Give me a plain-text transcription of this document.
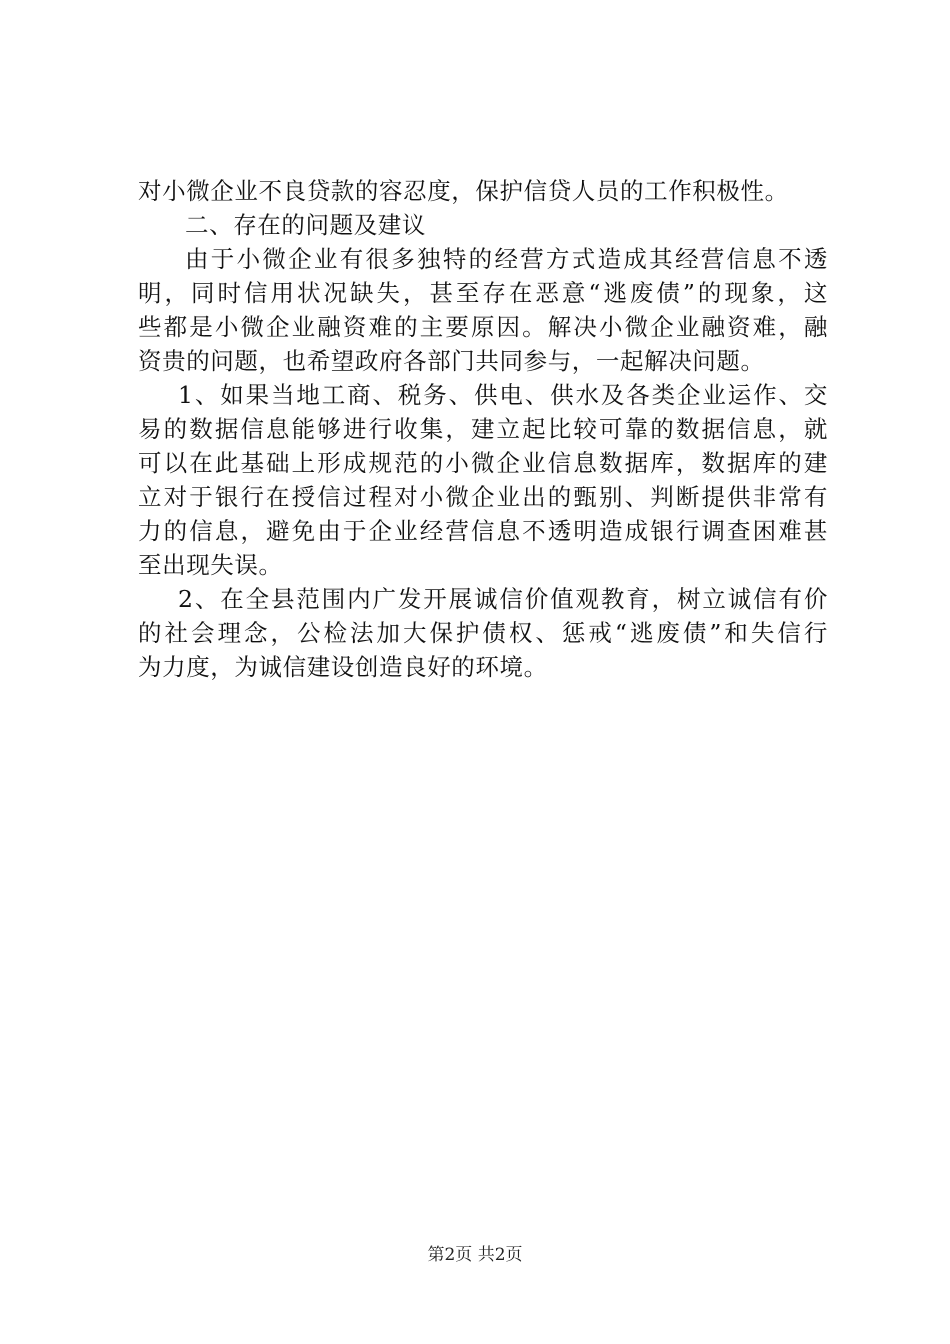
对小微企业不良贷款的容忍度，保护信贷人员的工作积极性。
二、存在的问题及建议
由于小微企业有很多独特的经营方式造成其经营信息不透
明，同时信用状况缺失，甚至存在恶意“逃废债”的现象，这
些都是小微企业融资难的主要原因。解决小微企业融资难，融
资贵的问题，也希望政府各部门共同参与，一起解决问题。
1、如果当地工商、税务、供电、供水及各类企业运作、交
易的数据信息能够进行收集，建立起比较可靠的数据信息，就
可以在此基础上形成规范的小微企业信息数据库，数据库的建
立对于银行在授信过程对小微企业出的甄别、判断提供非常有
力的信息，避免由于企业经营信息不透明造成银行调查困难甚
至出现失误。
2、在全县范围内广发开展诚信价值观教育，树立诚信有价
的社会理念，公检法加大保护债权、惩戒“逃废债”和失信行
为力度，为诚信建设创造良好的环境。
第2页 共2页
